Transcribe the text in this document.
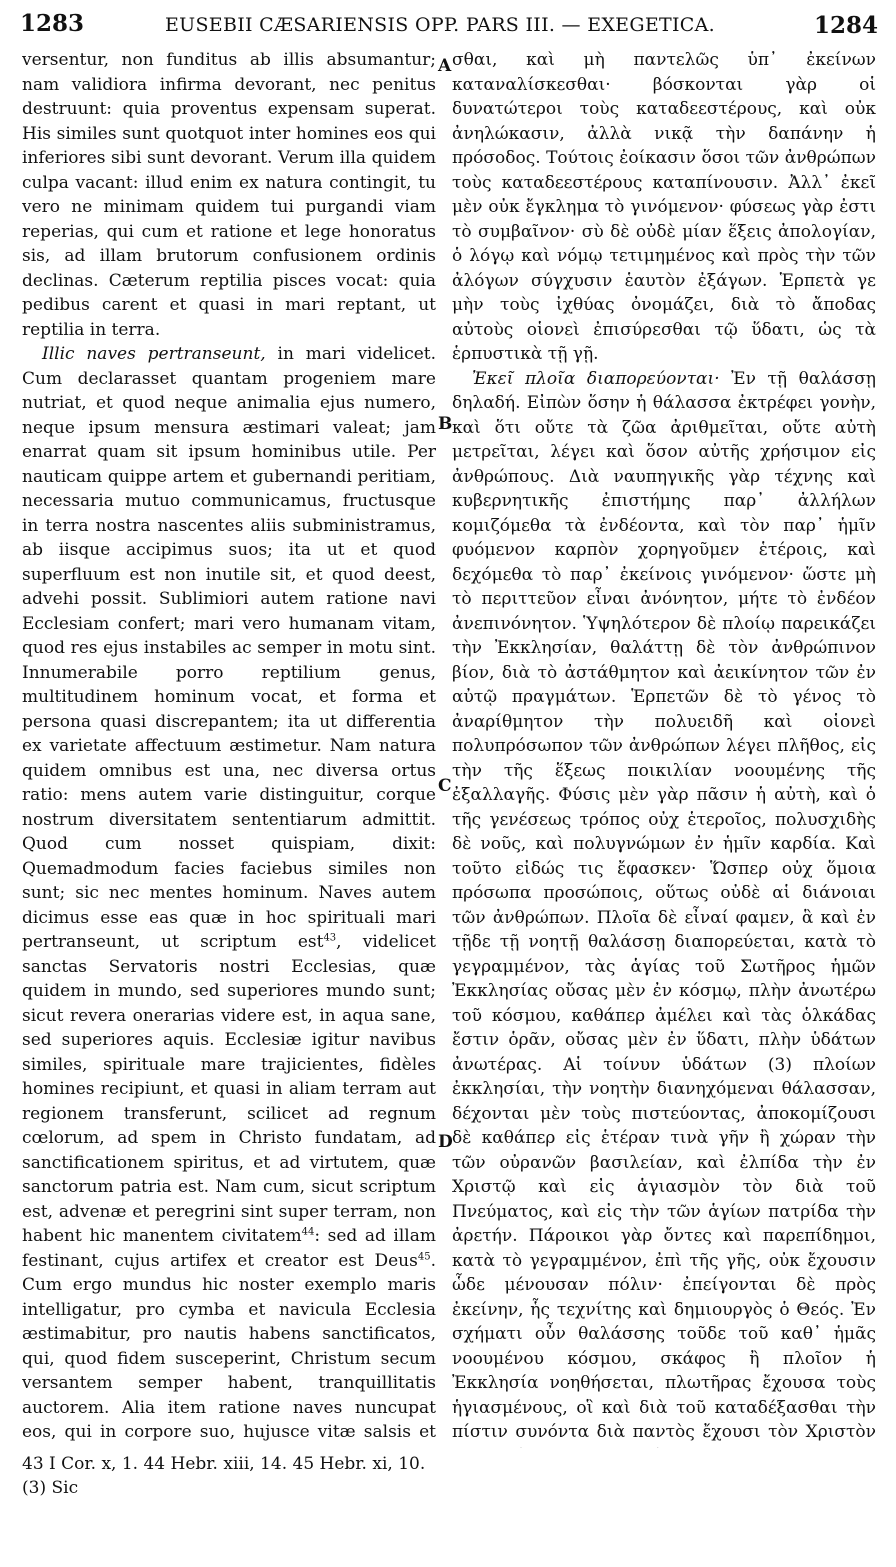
1283	EUSEBII CÆSARIENSIS OPP. PARS III. — EXEGETICA.	1284

versentur, non funditus ab illis absumantur; nam validiora infirma devorant, nec penitus destruunt: quia proventus expensam superat. His similes sunt quotquot inter homines eos qui inferiores sibi sunt devorant. Verum illa quidem culpa vacant: illud enim ex natura contingit, tu vero ne minimam quidem tui purgandi viam reperias, qui cum et ratione et lege honoratus sis, ad illam brutorum confusionem ordinis declinas. Cæterum reptilia pisces vocat: quia pedibus carent et quasi in mari reptant, ut reptilia in terra.

Illic naves pertranseunt, in mari videlicet. Cum declarasset quantam progeniem mare nutriat, et quod neque animalia ejus numero, neque ipsum mensura æstimari valeat; jam enarrat quam sit ipsum hominibus utile. Per nauticam quippe artem et gubernandi peritiam, necessaria mutuo communicamus, fructusque in terra nostra nascentes aliis subministramus, ab iisque accipimus suos; ita ut et quod superfluum est non inutile sit, et quod deest, advehi possit. Sublimiori autem ratione navi Ecclesiam confert; mari vero humanam vitam, quod res ejus instabiles ac semper in motu sint. Innumerabile porro reptilium genus, multitudinem hominum vocat, et forma et persona quasi discrepantem; ita ut differentia ex varietate affectuum æstimetur. Nam natura quidem omnibus est una, nec diversa ortus ratio: mens autem varie distinguitur, corque nostrum diversitatem sententiarum admittit. Quod cum nosset quispiam, dixit: Quemadmodum facies faciebus similes non sunt; sic nec mentes hominum. Naves autem dicimus esse eas quæ in hoc spirituali mari pertranseunt, ut scriptum est$^{43}$, videlicet sanctas Servatoris nostri Ecclesias, quæ quidem in mundo, sed superiores mundo sunt; sicut revera onerarias videre est, in aqua sane, sed superiores aquis. Ecclesiæ igitur navibus similes, spirituale mare trajicientes, fidèles homines recipiunt, et quasi in aliam terram aut regionem transferunt, scilicet ad regnum cœlorum, ad spem in Christo fundatam, ad sanctificationem spiritus, et ad virtutem, quæ sanctorum patria est. Nam cum, sicut scriptum est, advenæ et peregrini sint super terram, non habent hic manentem civitatem$^{44}$: sed ad illam festinant, cujus artifex et creator est Deus$^{45}$. Cum ergo mundus hic noster exemplo maris intelligatur, pro cymba et navicula Ecclesia æstimabitur, pro nautis habens sanctificatos, qui, quod fidem susceperint, Christum secum versantem semper habent, tranquillitatis auctorem. Alia item ratione naves nuncupat eos, qui in corpore suo, hujusce vitæ salsis et

A
B
C
D

σθαι, καὶ μὴ παντελῶς ὑπ᾽ ἐκείνων καταναλίσκεσθαι· βόσκονται γὰρ οἱ δυνατώτεροι τοὺς καταδεεστέρους, καὶ οὐκ ἀνηλώκασιν, ἀλλὰ νικᾷ τὴν δαπάνην ἡ πρόσοδος. Τούτοις ἐοίκασιν ὅσοι τῶν ἀνθρώπων τοὺς καταδεεστέρους καταπίνουσιν. Ἀλλ᾽ ἐκεῖ μὲν οὐκ ἔγκλημα τὸ γινόμενον· φύσεως γὰρ ἐστι τὸ συμβαῖνον· σὺ δὲ οὐδὲ μίαν ἕξεις ἀπολογίαν, ὁ λόγῳ καὶ νόμῳ τετιμημένος καὶ πρὸς τὴν τῶν ἀλόγων σύγχυσιν ἑαυτὸν ἐξάγων. Ἑρπετὰ γε μὴν τοὺς ἰχθύας ὀνομάζει, διὰ τὸ ἄποδας αὐτοὺς οἱονεὶ ἐπισύρεσθαι τῷ ὕδατι, ὡς τὰ ἑρπυστικὰ τῇ γῇ.

Ἐκεῖ πλοῖα διαπορεύονται· Ἐν τῇ θαλάσσῃ δηλαδή. Εἰπὼν ὅσην ἡ θάλασσα ἐκτρέφει γονὴν, καὶ ὅτι οὔτε τὰ ζῶα ἀριθμεῖται, οὔτε αὐτὴ μετρεῖται, λέγει καὶ ὅσον αὐτῆς χρήσιμον εἰς ἀνθρώπους. Διὰ ναυπηγικῆς γὰρ τέχνης καὶ κυβερνητικῆς ἐπιστήμης παρ᾽ ἀλλήλων κομιζόμεθα τὰ ἐνδέοντα, καὶ τὸν παρ᾽ ἡμῖν φυόμενον καρπὸν χορηγοῦμεν ἑτέροις, καὶ δεχόμεθα τὸ παρ᾽ ἐκείνοις γινόμενον· ὥστε μὴ τὸ περιττεῦον εἶναι ἀνόνητον, μήτε τὸ ἐνδέον ἀνεπινόνητον. Ὑψηλότερον δὲ πλοίῳ παρεικάζει τὴν Ἐκκλησίαν, θαλάττῃ δὲ τὸν ἀνθρώπινον βίον, διὰ τὸ ἀστάθμητον καὶ ἀεικίνητον τῶν ἐν αὐτῷ πραγμάτων. Ἑρπετῶν δὲ τὸ γένος τὸ ἀναρίθμητον τὴν πολυειδῆ καὶ οἱονεὶ πολυπρόσωπον τῶν ἀνθρώπων λέγει πλῆθος, εἰς τὴν τῆς ἕξεως ποικιλίαν νοουμένης τῆς ἐξαλλαγῆς. Φύσις μὲν γὰρ πᾶσιν ἡ αὐτὴ, καὶ ὁ τῆς γενέσεως τρόπος οὐχ ἑτεροῖος, πολυσχιδὴς δὲ νοῦς, καὶ πολυγνώμων ἐν ἡμῖν καρδία. Καὶ τοῦτο εἰδώς τις ἔφασκεν· Ὥσπερ οὐχ ὅμοια πρόσωπα προσώποις, οὕτως οὐδὲ αἱ διάνοιαι τῶν ἀνθρώπων. Πλοῖα δὲ εἶναί φαμεν, ἃ καὶ ἐν τῇδε τῇ νοητῇ θαλάσσῃ διαπορεύεται, κατὰ τὸ γεγραμμένον, τὰς ἁγίας τοῦ Σωτῆρος ἡμῶν Ἐκκλησίας οὔσας μὲν ἐν κόσμῳ, πλὴν ἀνωτέρω τοῦ κόσμου, καθάπερ ἀμέλει καὶ τὰς ὁλκάδας ἔστιν ὁρᾶν, οὔσας μὲν ἐν ὕδατι, πλὴν ὑδάτων ἀνωτέρας. Αἱ τοίνυν ὑδάτων (3) πλοίων ἐκκλησίαι, τὴν νοητὴν διανηχόμεναι θάλασσαν, δέχονται μὲν τοὺς πιστεύοντας, ἀποκομίζουσι δὲ καθάπερ εἰς ἑτέραν τινὰ γῆν ἢ χώραν τὴν τῶν οὐρανῶν βασιλείαν, καὶ ἐλπίδα τὴν ἐν Χριστῷ καὶ εἰς ἁγιασμὸν τὸν διὰ τοῦ Πνεύματος, καὶ εἰς τὴν τῶν ἁγίων πατρίδα τὴν ἀρετήν. Πάροικοι γὰρ ὄντες καὶ παρεπίδημοι, κατὰ τὸ γεγραμμένον, ἐπὶ τῆς γῆς, οὐκ ἔχουσιν ὧδε μένουσαν πόλιν· ἐπείγονται δὲ πρὸς ἐκείνην, ἧς τεχνίτης καὶ δημιουργὸς ὁ Θεός. Ἐν σχήματι οὖν θαλάσσης τοῦδε τοῦ καθ᾽ ἡμᾶς νοουμένου κόσμου, σκάφος ἢ πλοῖον ἡ Ἐκκλησία νοηθήσεται, πλωτῆρας ἔχουσα τοὺς ἡγιασμένους, οἳ καὶ διὰ τοῦ καταδέξασθαι τὴν πίστιν συνόντα διὰ παντὸς ἔχουσι τὸν Χριστὸν

43 I Cor. x, 1. 44 Hebr. xiii, 14. 45 Hebr. xi, 10.
(3) Sic
